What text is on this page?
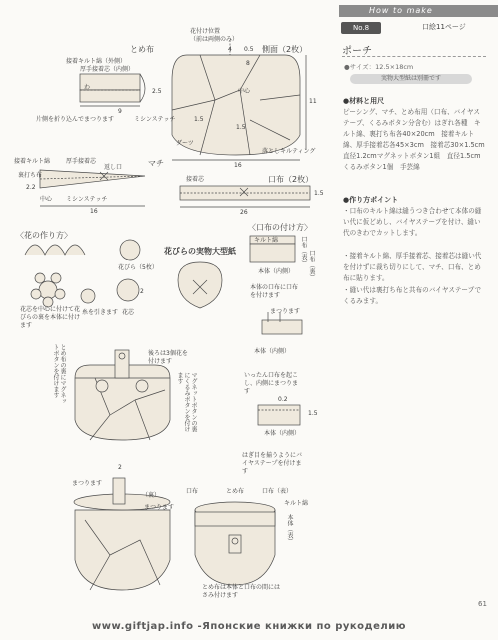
How to make
No.8	口絵11ページ
ポーチ
●サイズ：12.5×18cm
実物大型紙は別冊です
●材料と用尺
ピーシング、マチ、とめ布用（口布、バイヤステープ、くるみボタン分含む）はぎれ各種　キルト綿、裏打ち布各40×20cm　接着キルト綿、厚手接着芯各45×3cm　接着芯30×1.5cm　直径1.2cmマグネットボタン1組　直径1.5cmくるみボタン1個　手芸綿
●作り方ポイント
・口布のキルト綿は縫うつき合わせて本体の縫い代に仮どめし、バイヤステープを付け、縫い代のきわでカットします。
・接着キルト綿、厚手接着芯、接着芯は縫い代を付けずに裁ち切りにして、マチ、口布、とめ布に貼ります。
・縫い代は裏打ち布と共布のバイヤステープでくるみます。
とめ布
接着キルト綿（外側）
厚手接着芯（内側）
わ
9
2.5
片側を折り込んでまつります	ミシンステッチ
花付け位置
（前は両側のみ）
側面（2枚）
4 0.5
8
1.5
1.5
11
16
中心
ダーツ
落としキルティング
接着キルト綿	厚手接着芯	マチ
返し口
裏打ち布
2.2
中心 ミシンステッチ
16
接着芯	口布（2枚）
1.5
26
〈花の作り方〉
花びら（5枚）
2
花芯を中心に付けて花びらの裏を本体に付けます
糸を引きます 花芯
花びらの実物大型紙
〈口布の付け方〉
キルト綿
本体（内側）
口布（表） 口布（裏）
本体の口布に口布を付けます
まつります
本体（内側）
いったん口布を起こし、内側にまつります
0.2
1.5
本体（内側）
はぎ目を揃うようにバイヤステープを付けます
後ろは3個花を付けます
とめ布の裏にマグネットボタンを付けます
マグネットボタンの裏にくるみボタンを付けます
2
まつります
（裏）
口布	とめ布	口布（表）
キルト綿
本体（表）
まつります
とめ布は本体と口布の間にはさみ付けます
61
www.giftjap.info -Японские книжки по рукоделию
